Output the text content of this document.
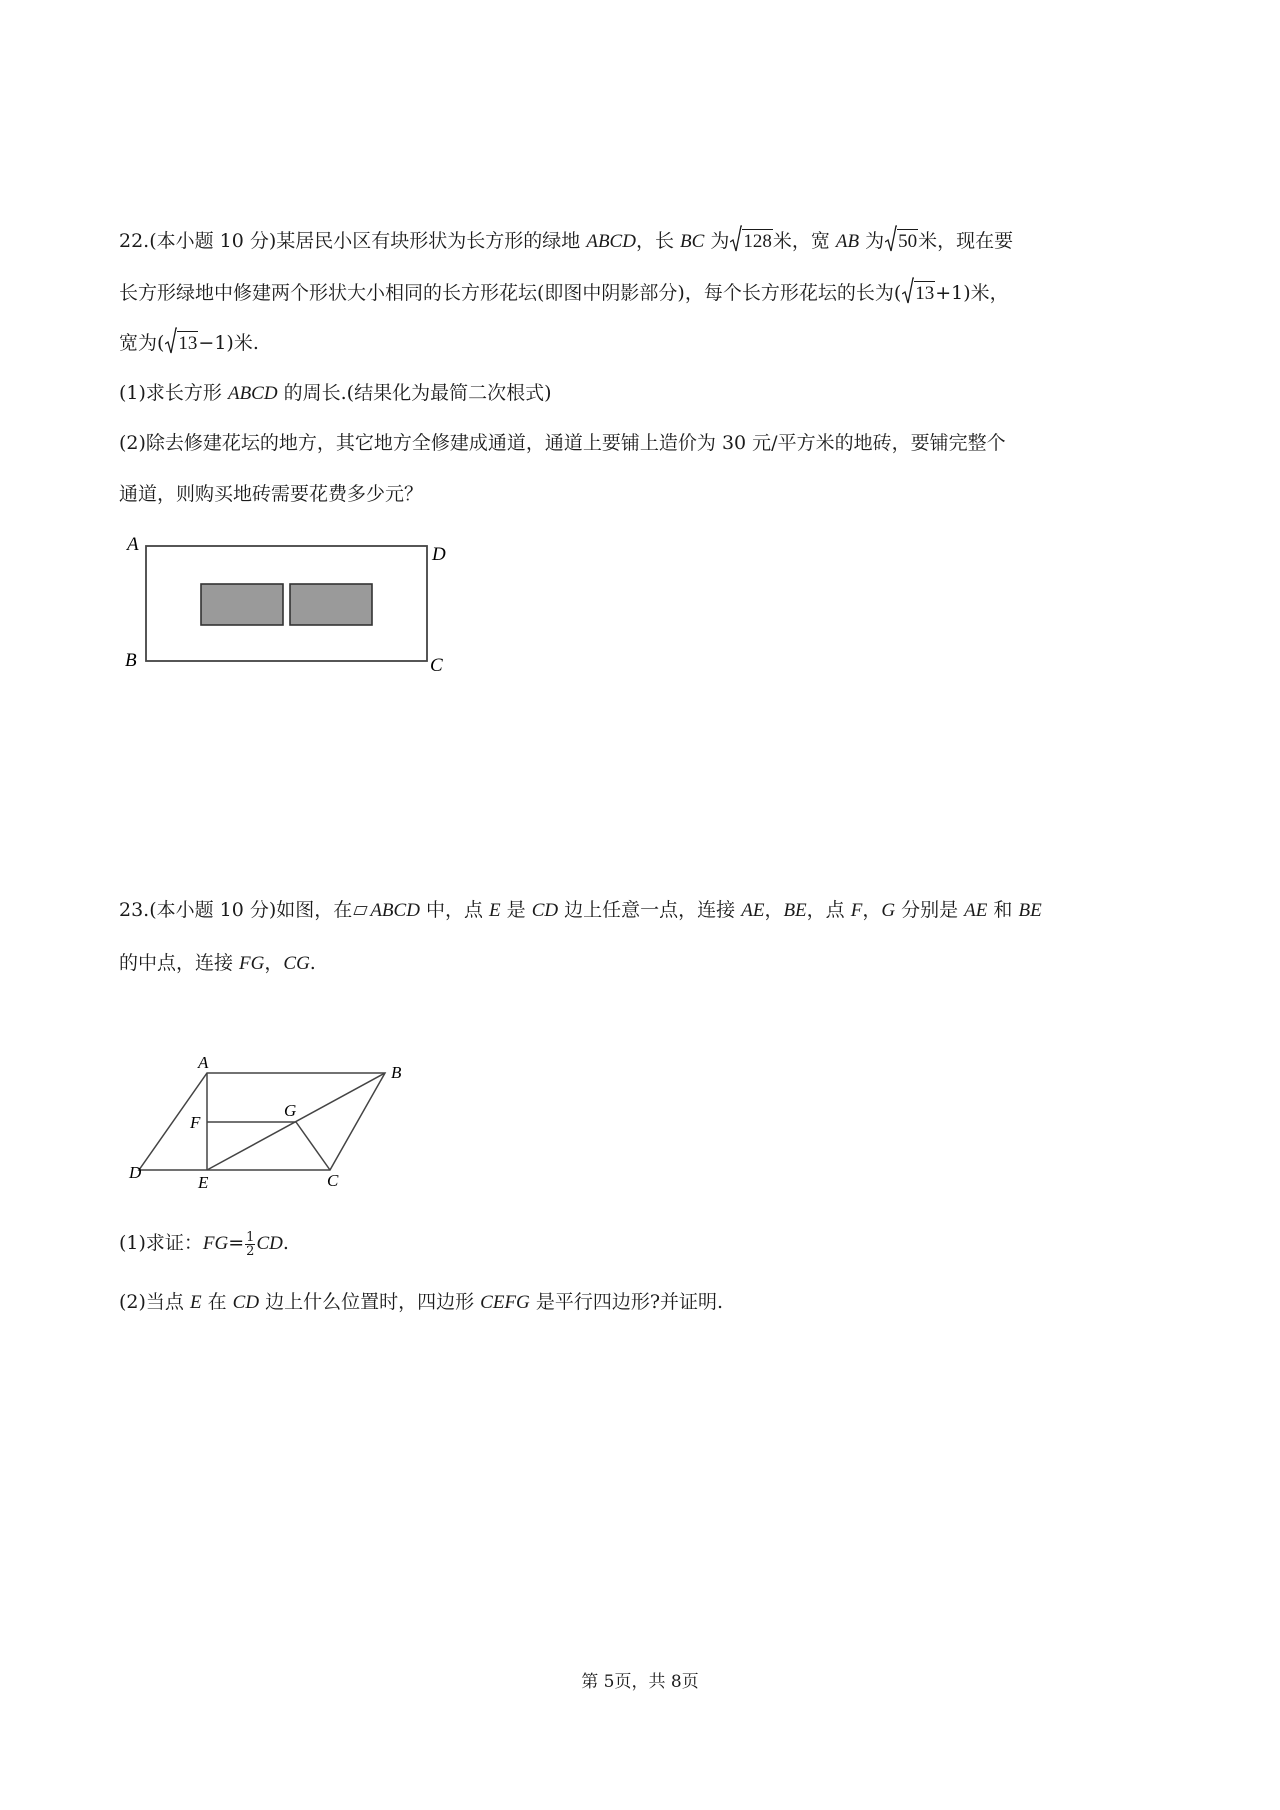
22.(本小题 10 分)某居民小区有块形状为长方形的绿地 ABCD，长 BC 为 128米，宽 AB 为 50米，现在要
长方形绿地中修建两个形状大小相同的长方形花坛(即图中阴影部分)，每个长方形花坛的长为( 13+1)米，
宽为( 13−1)米.
(1)求长方形 ABCD 的周长.(结果化为最简二次根式)
(2)除去修建花坛的地方，其它地方全修建成通道，通道上要铺上造价为 30 元/平方米的地砖，要铺完整个
通道，则购买地砖需要花费多少元？
A	D
B	C
23.(本小题 10 分)如图，在 ABCD 中，点 E 是 CD 边上任意一点，连接 AE，BE，点 F，G 分别是 AE 和 BE
的中点，连接 FG，CG.
A
B
F
G
D
E	C
(1)求证：$FG= \frac{1}{2}$ CD.
(2)当点 E 在 CD 边上什么位置时，四边形 CEFG 是平行四边形?并证明.
第 5页，共 8页
